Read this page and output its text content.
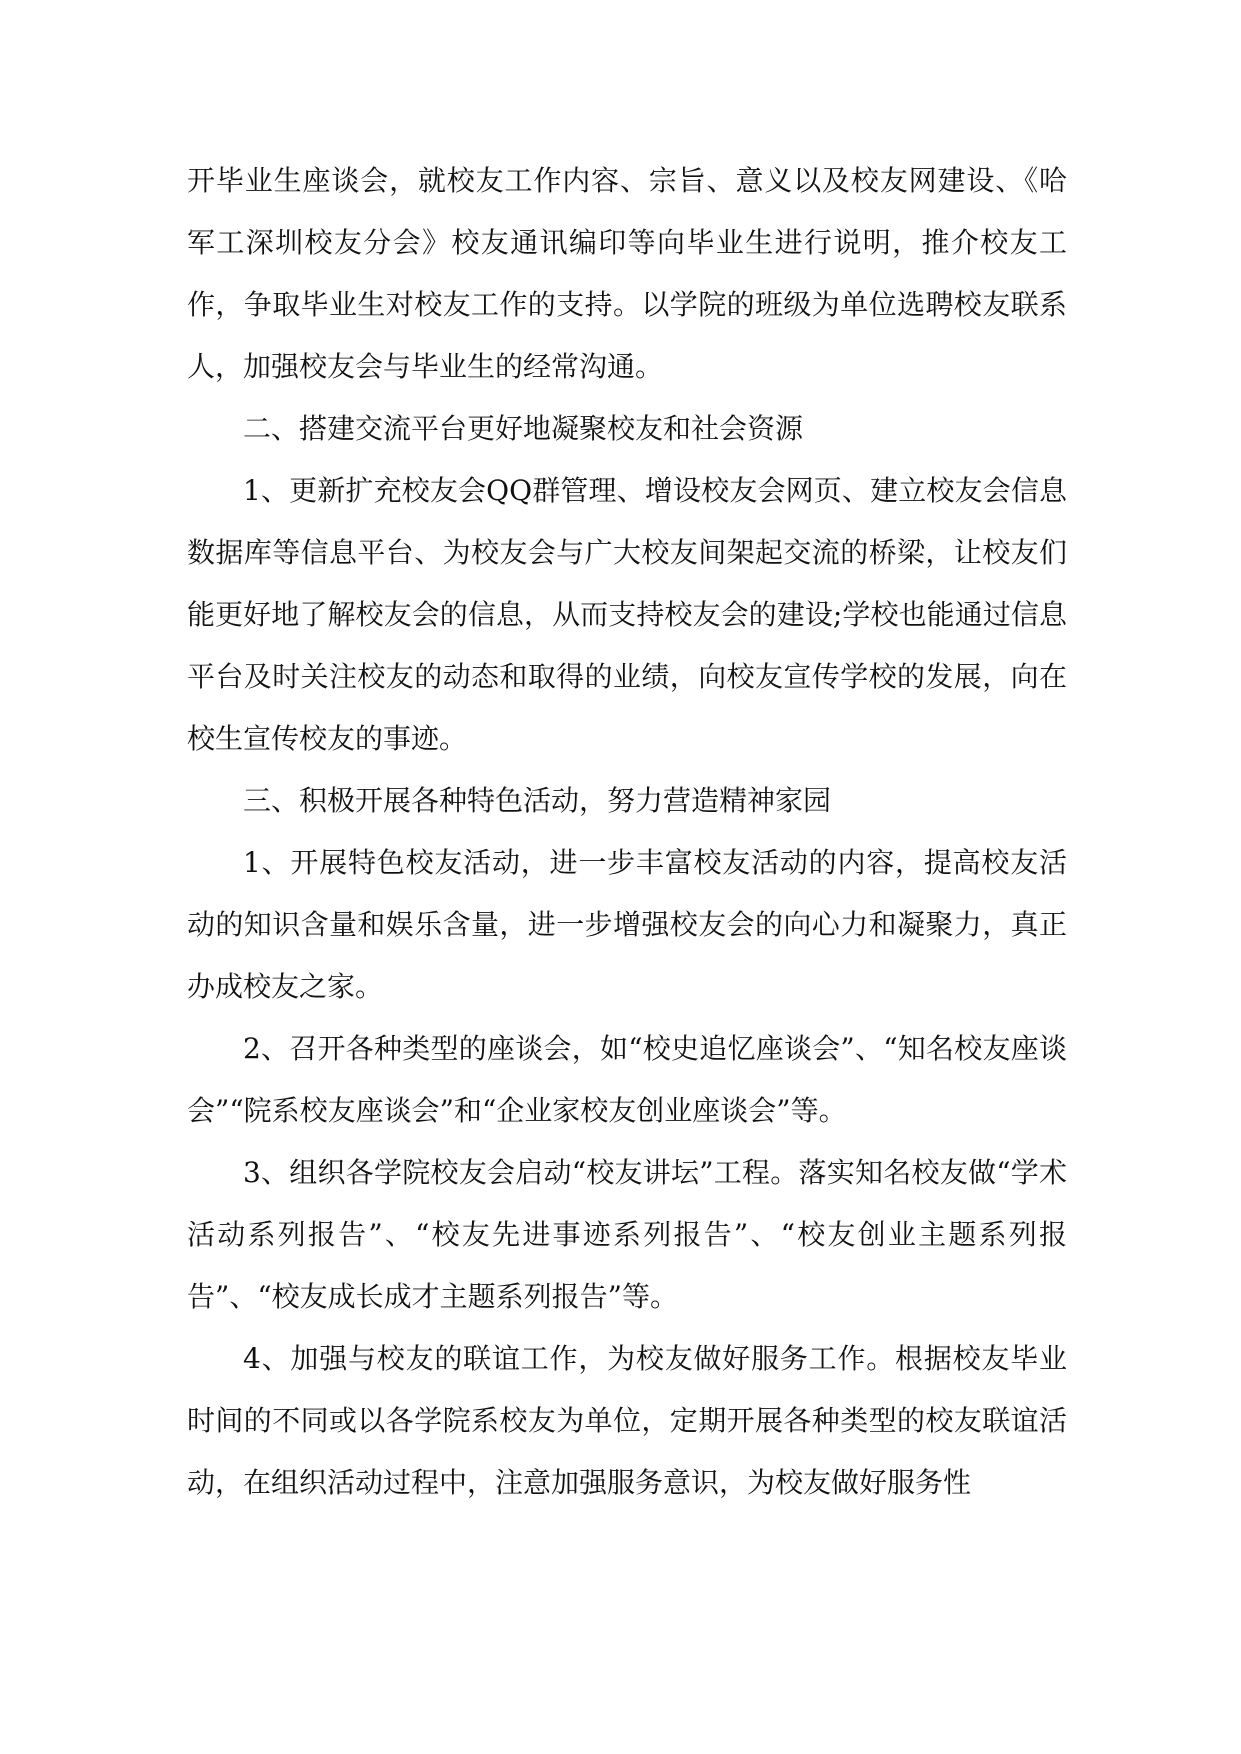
开毕业生座谈会，就校友工作内容、宗旨、意义以及校友网建设、《哈军工深圳校友分会》校友通讯编印等向毕业生进行说明，推介校友工作，争取毕业生对校友工作的支持。以学院的班级为单位选聘校友联系人，加强校友会与毕业生的经常沟通。

二、搭建交流平台更好地凝聚校友和社会资源

1、更新扩充校友会QQ群管理、增设校友会网页、建立校友会信息数据库等信息平台、为校友会与广大校友间架起交流的桥梁，让校友们能更好地了解校友会的信息，从而支持校友会的建设;学校也能通过信息平台及时关注校友的动态和取得的业绩，向校友宣传学校的发展，向在校生宣传校友的事迹。

三、积极开展各种特色活动，努力营造精神家园

1、开展特色校友活动，进一步丰富校友活动的内容，提高校友活动的知识含量和娱乐含量，进一步增强校友会的向心力和凝聚力，真正办成校友之家。

2、召开各种类型的座谈会，如“校史追忆座谈会”、“知名校友座谈会”“院系校友座谈会”和“企业家校友创业座谈会”等。

3、组织各学院校友会启动“校友讲坛”工程。落实知名校友做“学术活动系列报告”、“校友先进事迹系列报告”、“校友创业主题系列报告”、“校友成长成才主题系列报告”等。

4、加强与校友的联谊工作，为校友做好服务工作。根据校友毕业时间的不同或以各学院系校友为单位，定期开展各种类型的校友联谊活动，在组织活动过程中，注意加强服务意识，为校友做好服务性
